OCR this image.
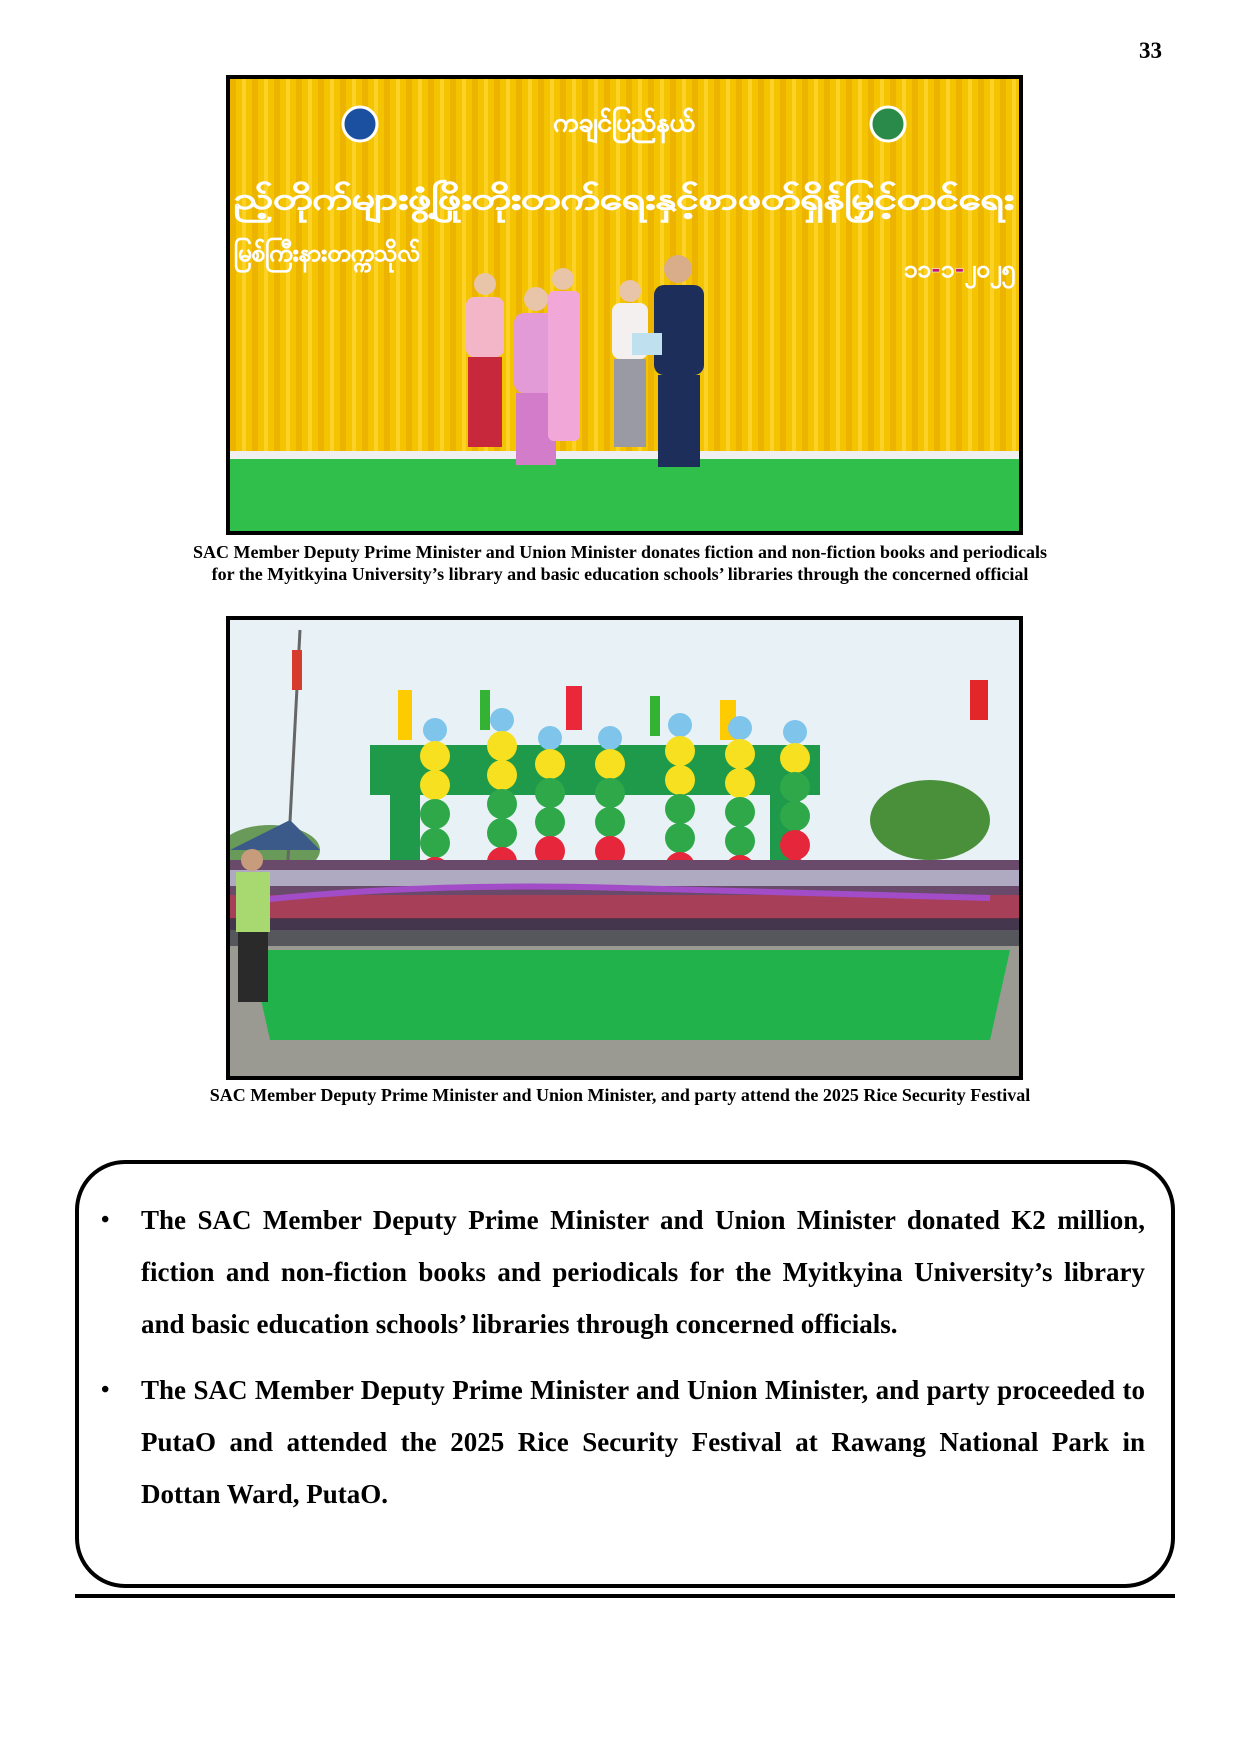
33
ကချင်ပြည်နယ်
ည့်တိုက်များဖွံ့ဖြိုးတိုးတက်ရေးနှင့်စာဖတ်ရှိန်မြှင့်တင်ရေး
မြစ်ကြီးနားတက္ကသိုလ်
၁၁-၁-၂၀၂၅
SAC Member Deputy Prime Minister and Union Minister donates fiction and non-fiction books and periodicals for the Myitkyina University’s library and basic education schools’ libraries through the concerned official
SAC Member Deputy Prime Minister and Union Minister, and party attend the 2025 Rice Security Festival
• The SAC Member Deputy Prime Minister and Union Minister donated K2 million, fiction and non-fiction books and periodicals for the Myitkyina University’s library and basic education schools’ libraries through concerned officials.
• The SAC Member Deputy Prime Minister and Union Minister, and party proceeded to PutaO and attended the 2025 Rice Security Festival at Rawang National Park in Dottan Ward, PutaO.
